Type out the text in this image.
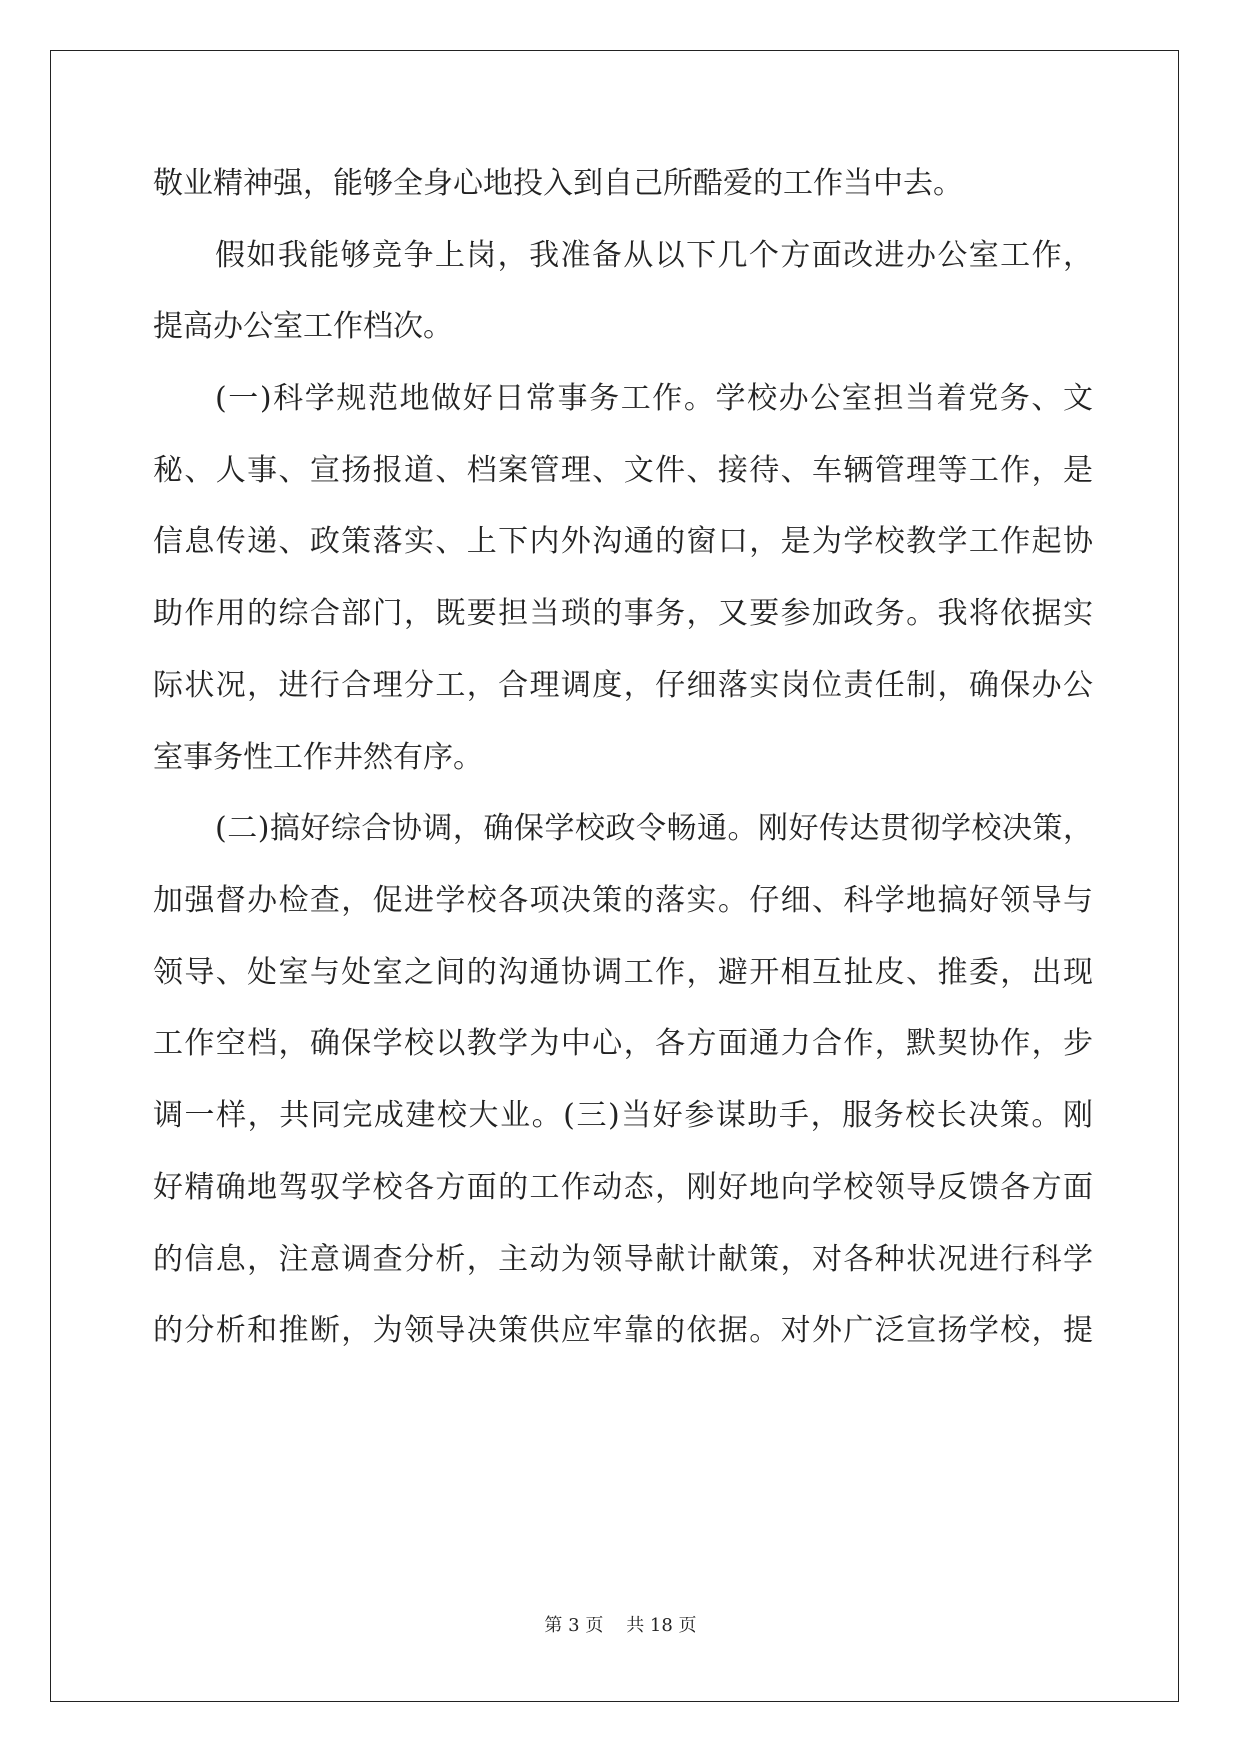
敬业精神强，能够全身心地投入到自己所酷爱的工作当中去。
假如我能够竞争上岗，我准备从以下几个方面改进办公室工作，
提高办公室工作档次。
(一)科学规范地做好日常事务工作。学校办公室担当着党务、文
秘、人事、宣扬报道、档案管理、文件、接待、车辆管理等工作，是
信息传递、政策落实、上下内外沟通的窗口，是为学校教学工作起协
助作用的综合部门，既要担当琐的事务，又要参加政务。我将依据实
际状况，进行合理分工，合理调度，仔细落实岗位责任制，确保办公
室事务性工作井然有序。
(二)搞好综合协调，确保学校政令畅通。刚好传达贯彻学校决策，
加强督办检查，促进学校各项决策的落实。仔细、科学地搞好领导与
领导、处室与处室之间的沟通协调工作，避开相互扯皮、推委，出现
工作空档，确保学校以教学为中心，各方面通力合作，默契协作，步
调一样，共同完成建校大业。(三)当好参谋助手，服务校长决策。刚
好精确地驾驭学校各方面的工作动态，刚好地向学校领导反馈各方面
的信息，注意调查分析，主动为领导献计献策，对各种状况进行科学
的分析和推断，为领导决策供应牢靠的依据。对外广泛宣扬学校，提
第 3 页    共 18 页
